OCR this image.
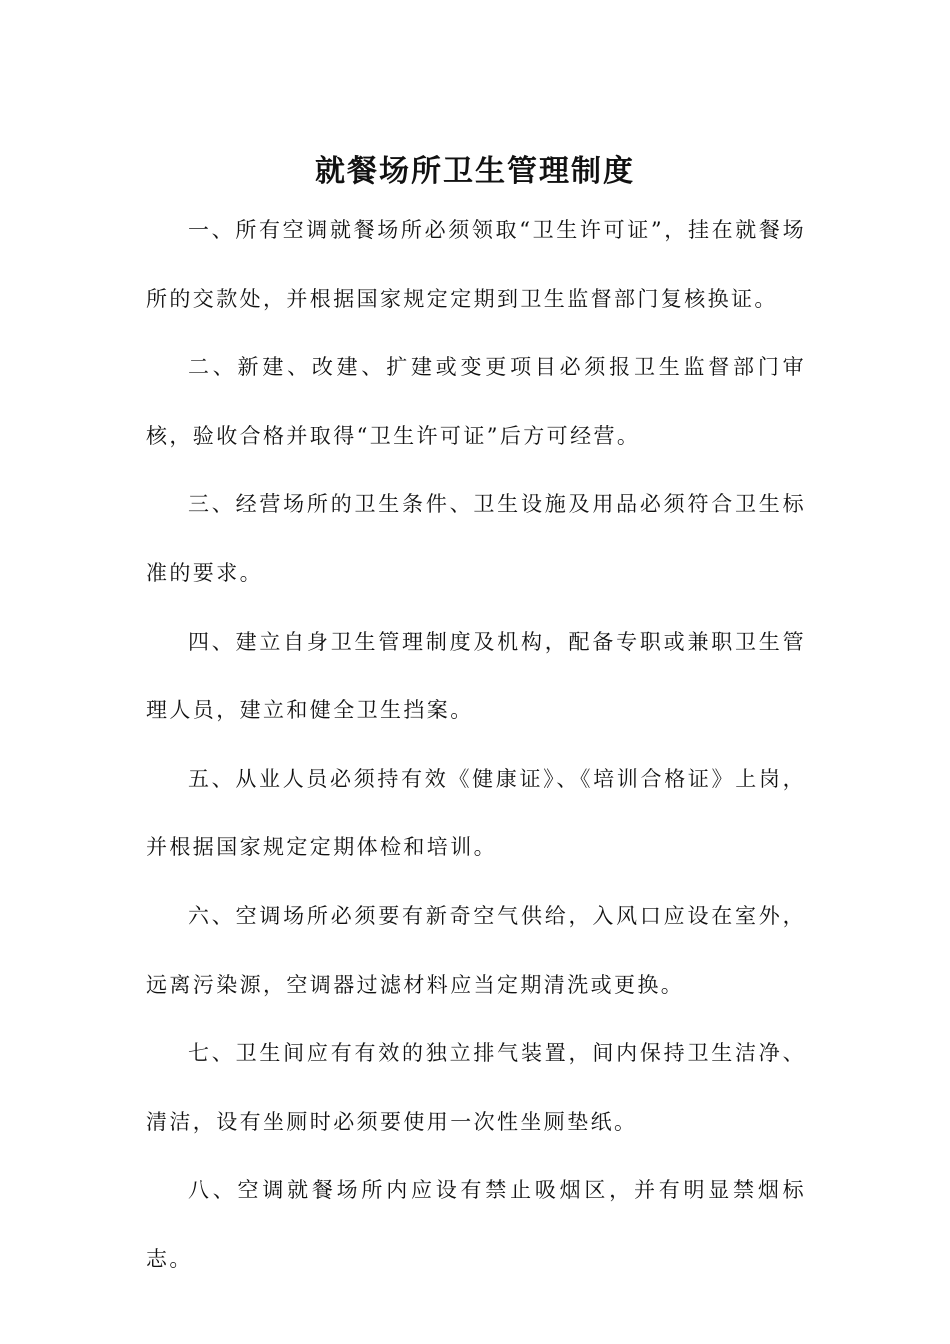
就餐场所卫生管理制度

一、所有空调就餐场所必须领取“卫生许可证”，挂在就餐场所的交款处，并根据国家规定定期到卫生监督部门复核换证。

二、新建、改建、扩建或变更项目必须报卫生监督部门审核，验收合格并取得“卫生许可证”后方可经营。

三、经营场所的卫生条件、卫生设施及用品必须符合卫生标准的要求。

四、建立自身卫生管理制度及机构，配备专职或兼职卫生管理人员，建立和健全卫生挡案。

五、从业人员必须持有效《健康证》、《培训合格证》上岗，并根据国家规定定期体检和培训。

六、空调场所必须要有新奇空气供给，入风口应设在室外，远离污染源，空调器过滤材料应当定期清洗或更换。

七、卫生间应有有效的独立排气装置，间内保持卫生洁净、清洁，设有坐厕时必须要使用一次性坐厕垫纸。

八、空调就餐场所内应设有禁止吸烟区，并有明显禁烟标志。
